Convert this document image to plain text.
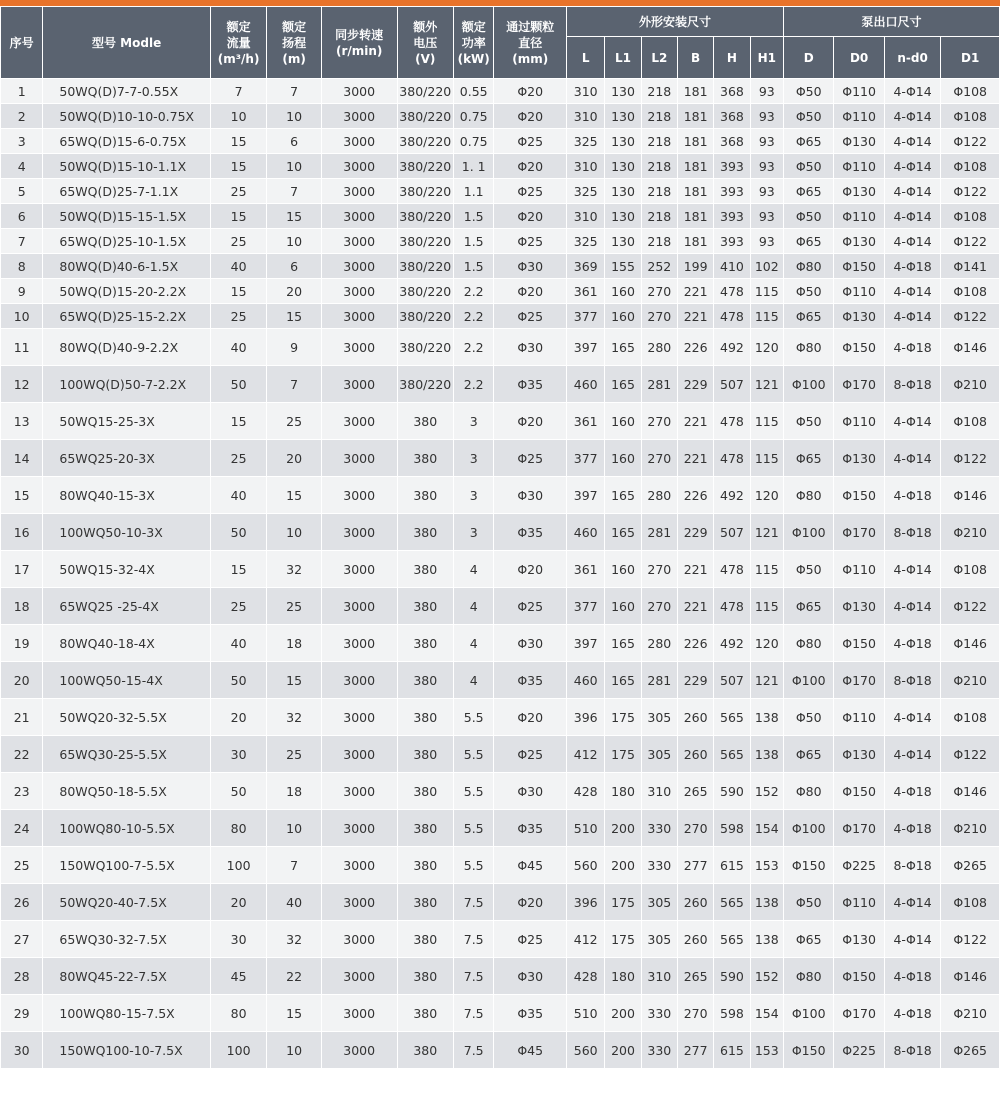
序号	型号 Modle	额定
流量
(m³/h)	额定
扬程
(m)	同步转速
(r/min)	额外
电压
(V)	额定
功率
(kW)	通过颗粒
直径
(mm)	外形安装尺寸						泵出口尺寸			
								L	L1	L2	B	H	H1	D	D0	n-d0	D1
1	50WQ(D)7-7-0.55X	7	7	3000	380/220	0.55	Φ20	310	130	218	181	368	93	Φ50	Φ110	4-Φ14	Φ108
2	50WQ(D)10-10-0.75X	10	10	3000	380/220	0.75	Φ20	310	130	218	181	368	93	Φ50	Φ110	4-Φ14	Φ108
3	65WQ(D)15-6-0.75X	15	6	3000	380/220	0.75	Φ25	325	130	218	181	368	93	Φ65	Φ130	4-Φ14	Φ122
4	50WQ(D)15-10-1.1X	15	10	3000	380/220	1. 1	Φ20	310	130	218	181	393	93	Φ50	Φ110	4-Φ14	Φ108
5	65WQ(D)25-7-1.1X	25	7	3000	380/220	1.1	Φ25	325	130	218	181	393	93	Φ65	Φ130	4-Φ14	Φ122
6	50WQ(D)15-15-1.5X	15	15	3000	380/220	1.5	Φ20	310	130	218	181	393	93	Φ50	Φ110	4-Φ14	Φ108
7	65WQ(D)25-10-1.5X	25	10	3000	380/220	1.5	Φ25	325	130	218	181	393	93	Φ65	Φ130	4-Φ14	Φ122
8	80WQ(D)40-6-1.5X	40	6	3000	380/220	1.5	Φ30	369	155	252	199	410	102	Φ80	Φ150	4-Φ18	Φ141
9	50WQ(D)15-20-2.2X	15	20	3000	380/220	2.2	Φ20	361	160	270	221	478	115	Φ50	Φ110	4-Φ14	Φ108
10	65WQ(D)25-15-2.2X	25	15	3000	380/220	2.2	Φ25	377	160	270	221	478	115	Φ65	Φ130	4-Φ14	Φ122
11	80WQ(D)40-9-2.2X	40	9	3000	380/220	2.2	Φ30	397	165	280	226	492	120	Φ80	Φ150	4-Φ18	Φ146
12	100WQ(D)50-7-2.2X	50	7	3000	380/220	2.2	Φ35	460	165	281	229	507	121	Φ100	Φ170	8-Φ18	Φ210
13	50WQ15-25-3X	15	25	3000	380	3	Φ20	361	160	270	221	478	115	Φ50	Φ110	4-Φ14	Φ108
14	65WQ25-20-3X	25	20	3000	380	3	Φ25	377	160	270	221	478	115	Φ65	Φ130	4-Φ14	Φ122
15	80WQ40-15-3X	40	15	3000	380	3	Φ30	397	165	280	226	492	120	Φ80	Φ150	4-Φ18	Φ146
16	100WQ50-10-3X	50	10	3000	380	3	Φ35	460	165	281	229	507	121	Φ100	Φ170	8-Φ18	Φ210
17	50WQ15-32-4X	15	32	3000	380	4	Φ20	361	160	270	221	478	115	Φ50	Φ110	4-Φ14	Φ108
18	65WQ25 -25-4X	25	25	3000	380	4	Φ25	377	160	270	221	478	115	Φ65	Φ130	4-Φ14	Φ122
19	80WQ40-18-4X	40	18	3000	380	4	Φ30	397	165	280	226	492	120	Φ80	Φ150	4-Φ18	Φ146
20	100WQ50-15-4X	50	15	3000	380	4	Φ35	460	165	281	229	507	121	Φ100	Φ170	8-Φ18	Φ210
21	50WQ20-32-5.5X	20	32	3000	380	5.5	Φ20	396	175	305	260	565	138	Φ50	Φ110	4-Φ14	Φ108
22	65WQ30-25-5.5X	30	25	3000	380	5.5	Φ25	412	175	305	260	565	138	Φ65	Φ130	4-Φ14	Φ122
23	80WQ50-18-5.5X	50	18	3000	380	5.5	Φ30	428	180	310	265	590	152	Φ80	Φ150	4-Φ18	Φ146
24	100WQ80-10-5.5X	80	10	3000	380	5.5	Φ35	510	200	330	270	598	154	Φ100	Φ170	4-Φ18	Φ210
25	150WQ100-7-5.5X	100	7	3000	380	5.5	Φ45	560	200	330	277	615	153	Φ150	Φ225	8-Φ18	Φ265
26	50WQ20-40-7.5X	20	40	3000	380	7.5	Φ20	396	175	305	260	565	138	Φ50	Φ110	4-Φ14	Φ108
27	65WQ30-32-7.5X	30	32	3000	380	7.5	Φ25	412	175	305	260	565	138	Φ65	Φ130	4-Φ14	Φ122
28	80WQ45-22-7.5X	45	22	3000	380	7.5	Φ30	428	180	310	265	590	152	Φ80	Φ150	4-Φ18	Φ146
29	100WQ80-15-7.5X	80	15	3000	380	7.5	Φ35	510	200	330	270	598	154	Φ100	Φ170	4-Φ18	Φ210
30	150WQ100-10-7.5X	100	10	3000	380	7.5	Φ45	560	200	330	277	615	153	Φ150	Φ225	8-Φ18	Φ265
